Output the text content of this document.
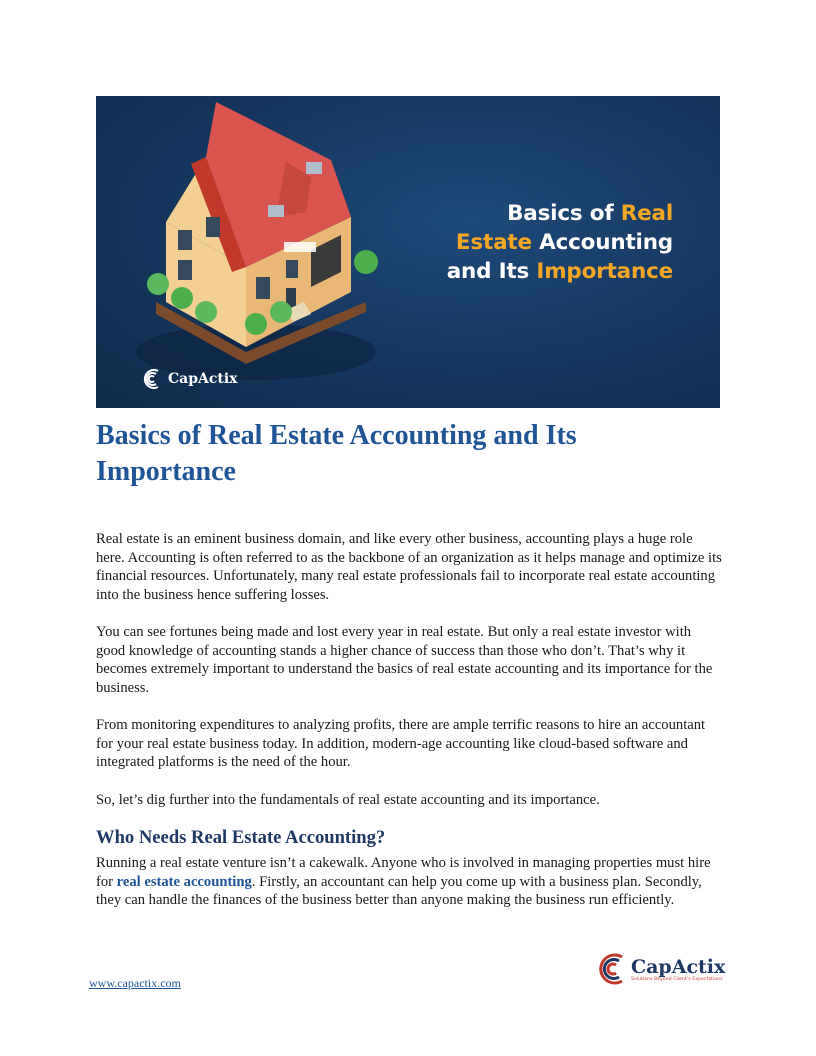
Basics of Real
Estate Accounting
and Its Importance
CapActix
Basics of Real Estate Accounting and Its Importance

Real estate is an eminent business domain, and like every other business, accounting plays a huge role here. Accounting is often referred to as the backbone of an organization as it helps manage and optimize its financial resources. Unfortunately, many real estate professionals fail to incorporate real estate accounting into the business hence suffering losses.

You can see fortunes being made and lost every year in real estate. But only a real estate investor with good knowledge of accounting stands a higher chance of success than those who don’t. That’s why it becomes extremely important to understand the basics of real estate accounting and its importance for the business.

From monitoring expenditures to analyzing profits, there are ample terrific reasons to hire an accountant for your real estate business today. In addition, modern-age accounting like cloud-based software and integrated platforms is the need of the hour.

So, let’s dig further into the fundamentals of real estate accounting and its importance.

Who Needs Real Estate Accounting?

Running a real estate venture isn’t a cakewalk. Anyone who is involved in managing properties must hire for real estate accounting. Firstly, an accountant can help you come up with a business plan. Secondly, they can handle the finances of the business better than anyone making the business run efficiently.

www.capactix.com
CapActix
Solutions Beyond Client’s Expectations
